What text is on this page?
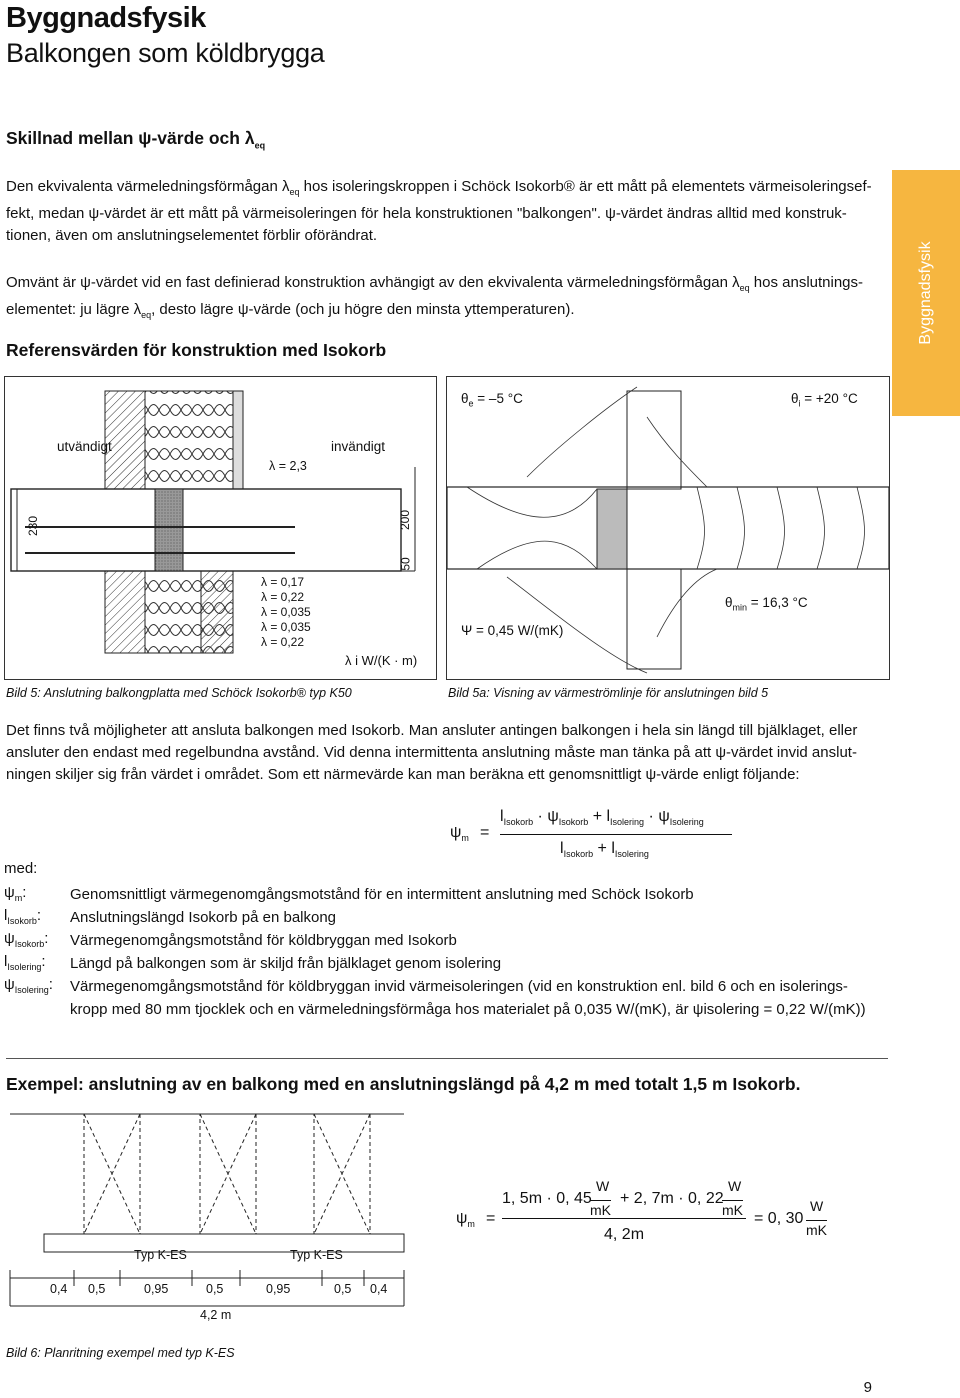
Byggnadsfysik
Balkongen som köldbrygga
Byggnadsfysik
Skillnad mellan ψ-värde och $\lambda_{eq}$
Den ekvivalenta värmeledningsförmågan $\lambda_{eq}$ hos isoleringskroppen i Schöck Isokorb® är ett mått på elementets värmeisoleringsef-
fekt, medan ψ-värdet är ett mått på värmeisoleringen för hela konstruktionen "balkongen". ψ-värdet ändras alltid med konstruk-
tionen, även om anslutningselementet förblir oförändrat.
Omvänt är ψ-värdet vid en fast definierad konstruktion avhängigt av den ekvivalenta värmeledningsförmågan $\lambda_{eq}$ hos anslutnings-
elementet: ju lägre $\lambda_{eq}$, desto lägre ψ-värde (och ju högre den minsta yttemperaturen).
Referensvärden för konstruktion med Isokorb
utvändigt	invändigt
λ = 2,3
230	200
50
λ = 0,17
λ = 0,22
λ = 0,035
λ = 0,035
λ = 0,22
λ i W/(K · m)
$\theta_e = -5$ °C	$\theta_i = +20$ °C
$\theta_{min} = 16,3$ °C
Ψ = 0,45 W/(mK)
Bild 5: Anslutning balkongplatta med Schöck Isokorb® typ K50	Bild 5a: Visning av värmeströmlinje för anslutningen bild 5
Det finns två möjligheter att ansluta balkongen med Isokorb. Man ansluter antingen balkongen i hela sin längd till bjälklaget, eller
ansluter den endast med regelbundna avstånd. Vid denna intermittenta anslutning måste man tänka på att ψ-värdet invid anslut-
ningen skiljer sig från värdet i området. Som ett närmevärde kan man beräkna ett genomsnittligt ψ-värde enligt följande:
$\psi_m$ =
$l_{Isokorb} \cdot \psi_{Isokorb} + l_{Isolering} \cdot \psi_{Isolering}$
$l_{Isokorb} + l_{Isolering}$
med:
$\psi_m$:	Genomsnittligt värmegenomgångsmotstånd för en intermittent anslutning med Schöck Isokorb
$l_{Isokorb}$: Anslutningslängd Isokorb på en balkong
$\psi_{Isokorb}$: Värmegenomgångsmotstånd för köldbryggan med Isokorb
$l_{Isolering}$: Längd på balkongen som är skiljd från bjälklaget genom isolering
$\psi_{Isolering}$: Värmegenomgångsmotstånd för köldbryggan invid värmeisoleringen (vid en konstruktion enl. bild 6 och en isolerings-
kropp med 80 mm tjocklek och en värmeledningsförmåga hos materialet på 0,035 W/(mK), är ψisolering = 0,22 W/(mK))
Exempel: anslutning av en balkong med en anslutningslängd på 4,2 m med totalt 1,5 m Isokorb.
Typ K-ES	Typ K-ES
0,4 0,5	0,95	0,5	0,95	0,5 0,4
4,2 m
Bild 6: Planritning exempel med typ K-ES
$\psi_m$ =
1, 5m · 0, 45
W
mK
+ 2, 7m · 0, 22
W
mK
4, 2m
= 0, 30
W
mK
9
